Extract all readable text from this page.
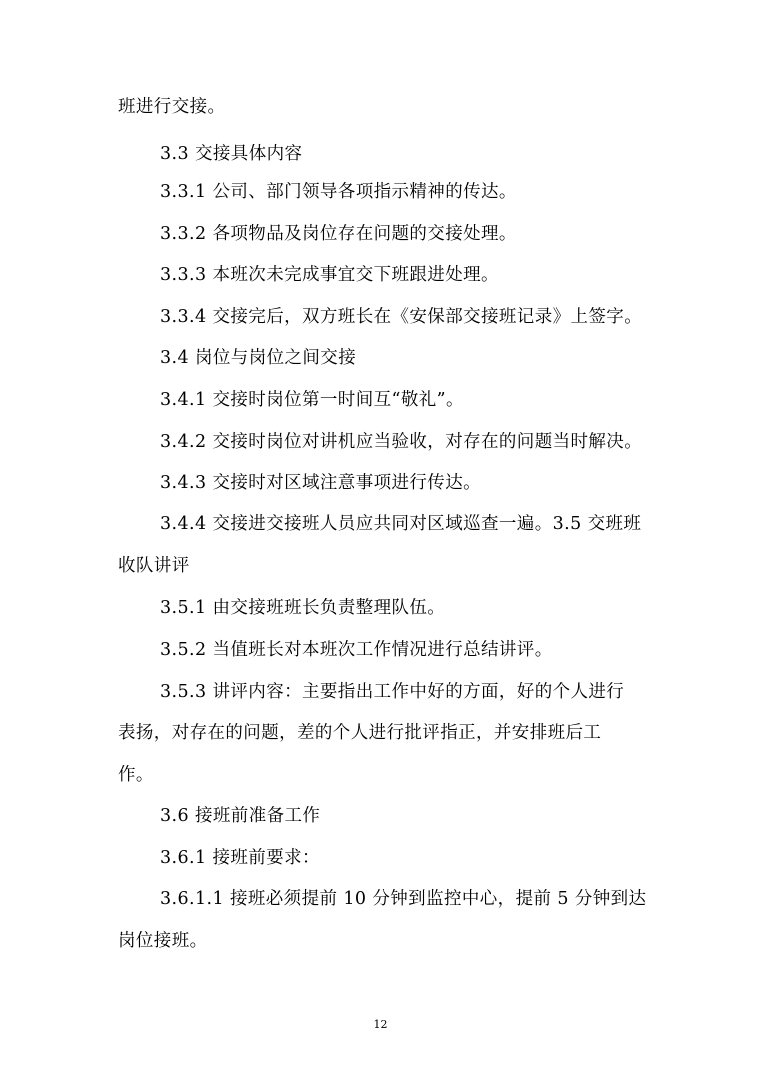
班进行交接。
3.3 交接具体内容
3.3.1 公司、部门领导各项指示精神的传达。
3.3.2 各项物品及岗位存在问题的交接处理。
3.3.3 本班次未完成事宜交下班跟进处理。
3.3.4 交接完后，双方班长在《安保部交接班记录》上签字。
3.4 岗位与岗位之间交接
3.4.1 交接时岗位第一时间互“敬礼”。
3.4.2 交接时岗位对讲机应当验收，对存在的问题当时解决。
3.4.3 交接时对区域注意事项进行传达。
3.4.4 交接进交接班人员应共同对区域巡查一遍。3.5 交班班
收队讲评
3.5.1 由交接班班长负责整理队伍。
3.5.2 当值班长对本班次工作情况进行总结讲评。
3.5.3 讲评内容：主要指出工作中好的方面，好的个人进行
表扬，对存在的问题，差的个人进行批评指正，并安排班后工
作。
3.6 接班前准备工作
3.6.1 接班前要求：
3.6.1.1 接班必须提前 10 分钟到监控中心，提前 5 分钟到达
岗位接班。
12
